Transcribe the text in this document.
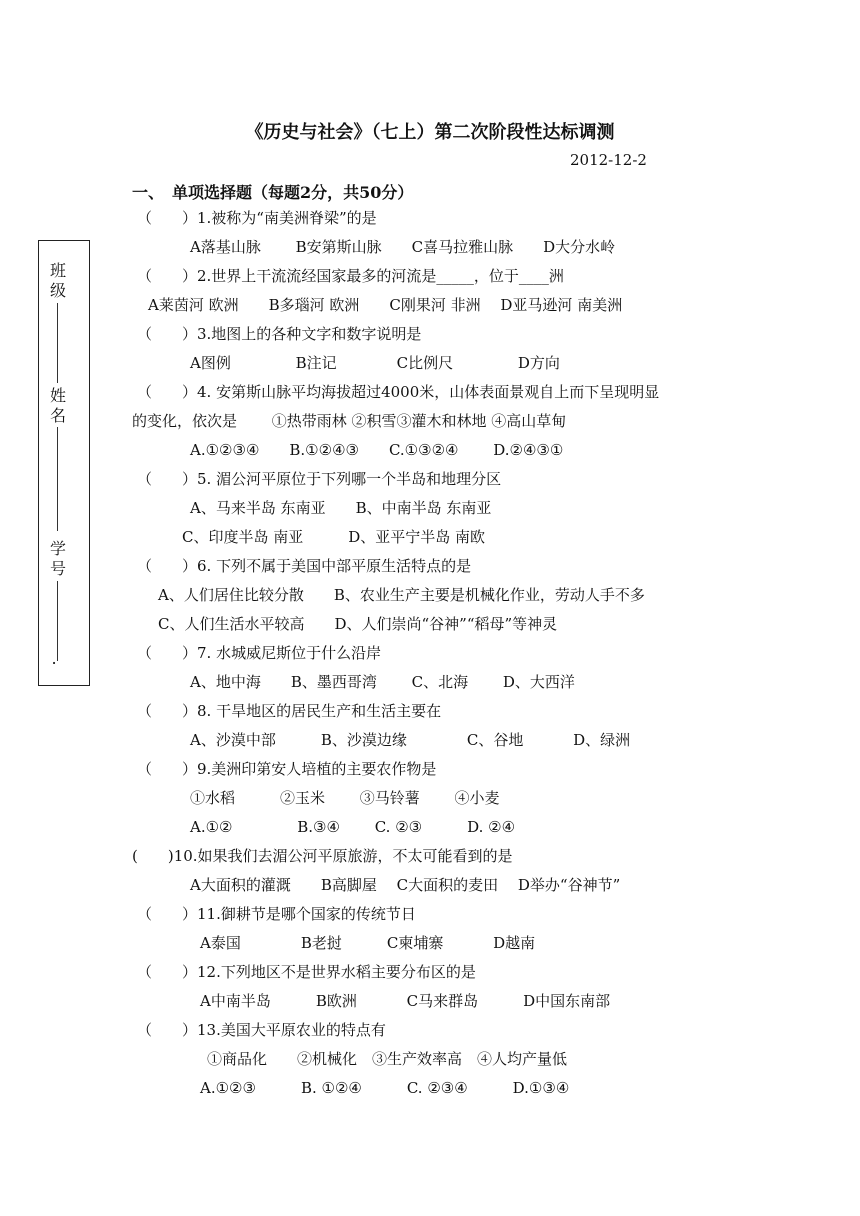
《历史与社会》（七上）第二次阶段性达标调测
2012-12-2
一、　单项选择题（每题2分，共50分）
班级
姓名
学号
.
（　　）1.被称为“南美洲脊梁”的是
A落基山脉　　 B安第斯山脉　　C喜马拉雅山脉　　D大分水岭
（　　）2.世界上干流流经国家最多的河流是_____，位于____洲
A莱茵河 欧洲　　B多瑙河 欧洲　　C刚果河 非洲　 D亚马逊河 南美洲
（　　）3.地图上的各种文字和数字说明是
A图例　　　　 B注记　　　　C比例尺　　　　 D方向
（　　）4. 安第斯山脉平均海拔超过4000米，山体表面景观自上而下呈现明显
的变化，依次是　　 ①热带雨林 ②积雪③灌木和林地 ④高山草甸
A.①②③④　　B.①②④③　　C.①③②④　　 D.②④③①
（　　）5. 湄公河平原位于下列哪一个半岛和地理分区
A、马来半岛 东南亚　　B、中南半岛 东南亚
C、印度半岛 南亚　　　D、亚平宁半岛 南欧
（　　）6. 下列不属于美国中部平原生活特点的是
A、人们居住比较分散　　B、农业生产主要是机械化作业，劳动人手不多
C、人们生活水平较高　　D、人们崇尚“谷神”“稻母”等神灵
（　　）7. 水城威尼斯位于什么沿岸
A、地中海　　B、墨西哥湾　　 C、北海　　 D、大西洋
（　　）8. 干旱地区的居民生产和生活主要在
A、沙漠中部　　　B、沙漠边缘　　　　C、谷地　　　 D、绿洲
（　　）9.美洲印第安人培植的主要农作物是
①水稻　　　②玉米　　 ③马铃薯　　 ④小麦
A.①②　　　　 B.③④　　 C. ②③　　　D. ②④
(　　)10.如果我们去湄公河平原旅游，不太可能看到的是
A大面积的灌溉　　B高脚屋　 C大面积的麦田　 D举办“谷神节”
（　　）11.御耕节是哪个国家的传统节日
A泰国　　　　B老挝　　　C柬埔寨　　　 D越南
（　　）12.下列地区不是世界水稻主要分布区的是
A中南半岛　　　B欧洲　　　 C马来群岛　　　D中国东南部
（　　）13.美国大平原农业的特点有
①商品化　　②机械化　③生产效率高　④人均产量低
A.①②③　　　B. ①②④　　　C. ②③④　　　D.①③④
